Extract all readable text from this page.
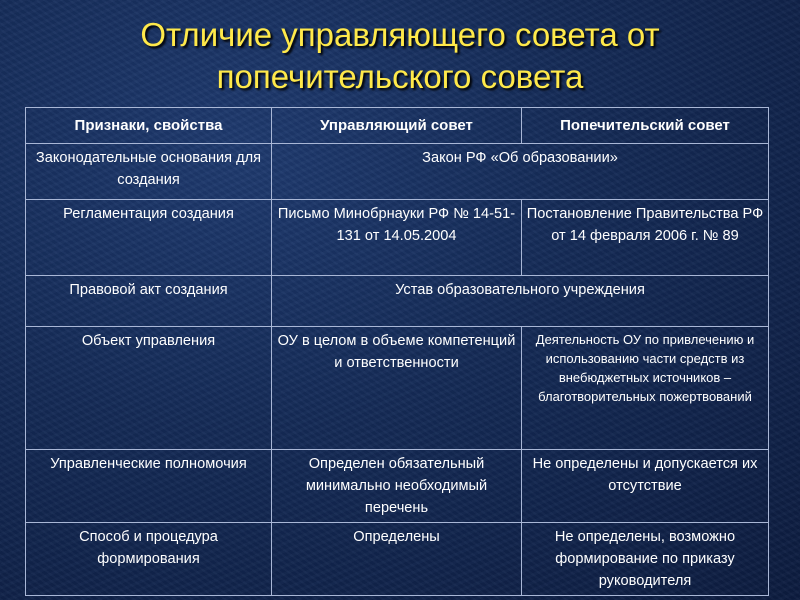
Отличие управляющего совета от
попечительского совета
Признаки, свойства	Управляющий совет	Попечительский совет
Законодательные основания для создания	Закон РФ «Об образовании»	
Регламентация создания	Письмо Минобрнауки РФ № 14-51-131 от 14.05.2004	Постановление Правительства РФ от 14 февраля 2006 г. № 89
Правовой акт создания	Устав образовательного учреждения	
Объект управления	ОУ в целом в объеме компетенций и ответственности	Деятельность ОУ по привлечению и использованию части средств из внебюджетных источников – благотворительных пожертвований
Управленческие полномочия	Определен обязательный минимально необходимый перечень	Не определены и допускается их отсутствие
Способ и процедура формирования	Определены	Не определены, возможно формирование по приказу руководителя
